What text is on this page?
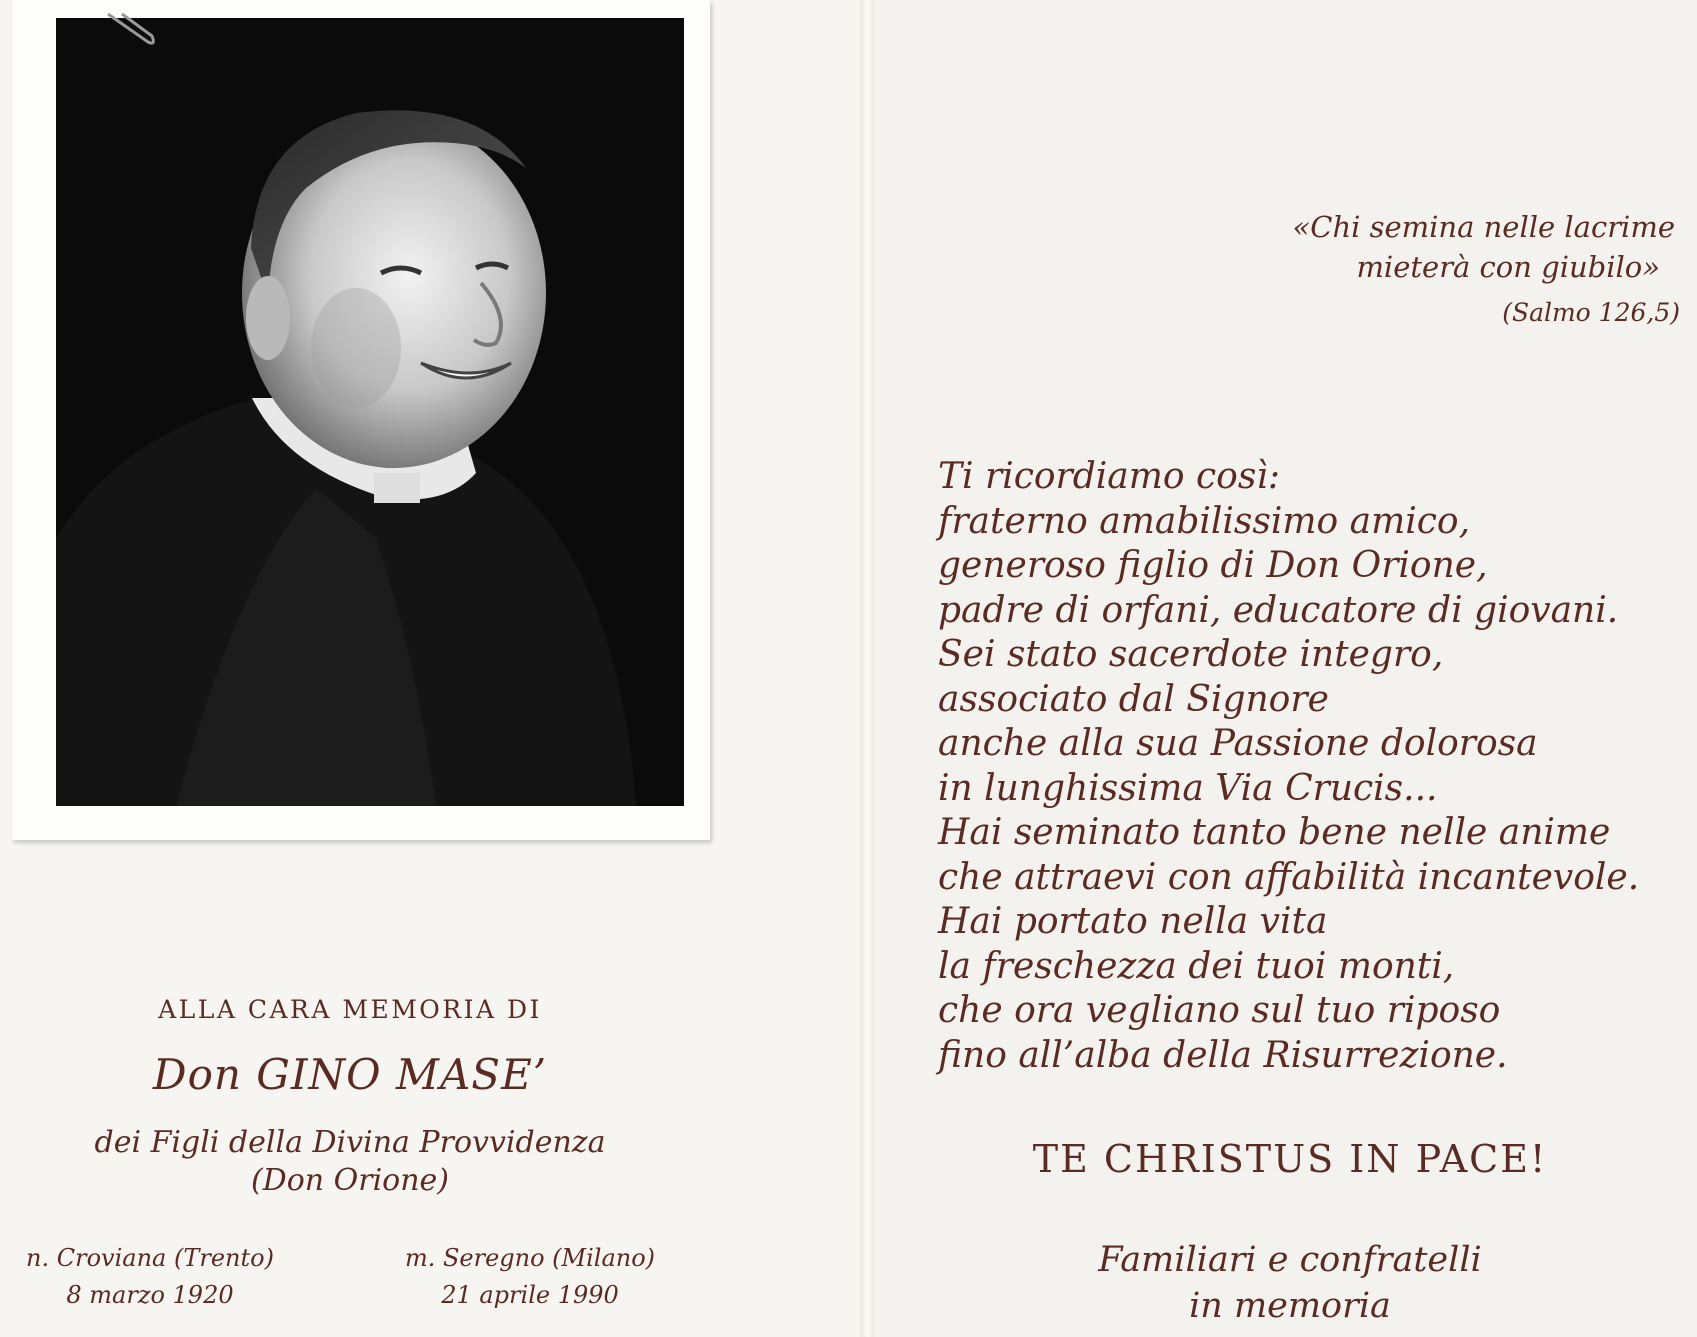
ALLA CARA MEMORIA DI
Don GINO MASE’
dei Figli della Divina Provvidenza
(Don Orione)
n. Croviana (Trento)
8 marzo 1920
m. Seregno (Milano)
21 aprile 1990
«Chi semina nelle lacrime
mieterà con giubilo»
(Salmo 126,5)
Ti ricordiamo così:
fraterno amabilissimo amico,
generoso figlio di Don Orione,
padre di orfani, educatore di giovani.
Sei stato sacerdote integro,
associato dal Signore
anche alla sua Passione dolorosa
in lunghissima Via Crucis...
Hai seminato tanto bene nelle anime
che attraevi con affabilità incantevole.
Hai portato nella vita
la freschezza dei tuoi monti,
che ora vegliano sul tuo riposo
fino all’alba della Risurrezione.
TE CHRISTUS IN PACE!
Familiari e confratelli
in memoria
